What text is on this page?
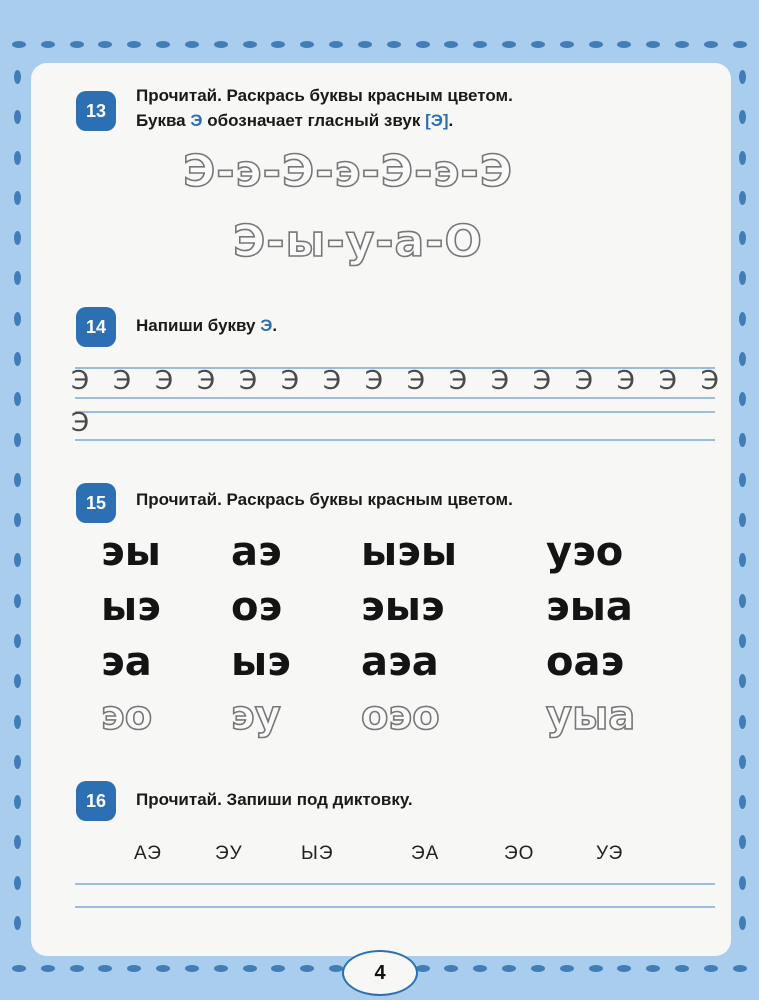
13
Прочитай. Раскрась буквы красным цветом.
Буква Э обозначает гласный звук [Э].
Э-э-Э-э-Э-э-Э
Э-ы-у-а-О
14	Напиши букву Э.
Э Э Э Э Э Э Э Э Э Э Э Э Э Э Э Э
Э
15	Прочитай. Раскрась буквы красным цветом.
эы аэ ыэы уэо
ыэ оэ эыэ	эыа
эа ыэ аэа	оаэ
эо эу оэо	уыа
16	Прочитай. Запиши под диктовку.
АЭ	ЭУ	ЫЭ	ЭА	ЭО	УЭ
4
